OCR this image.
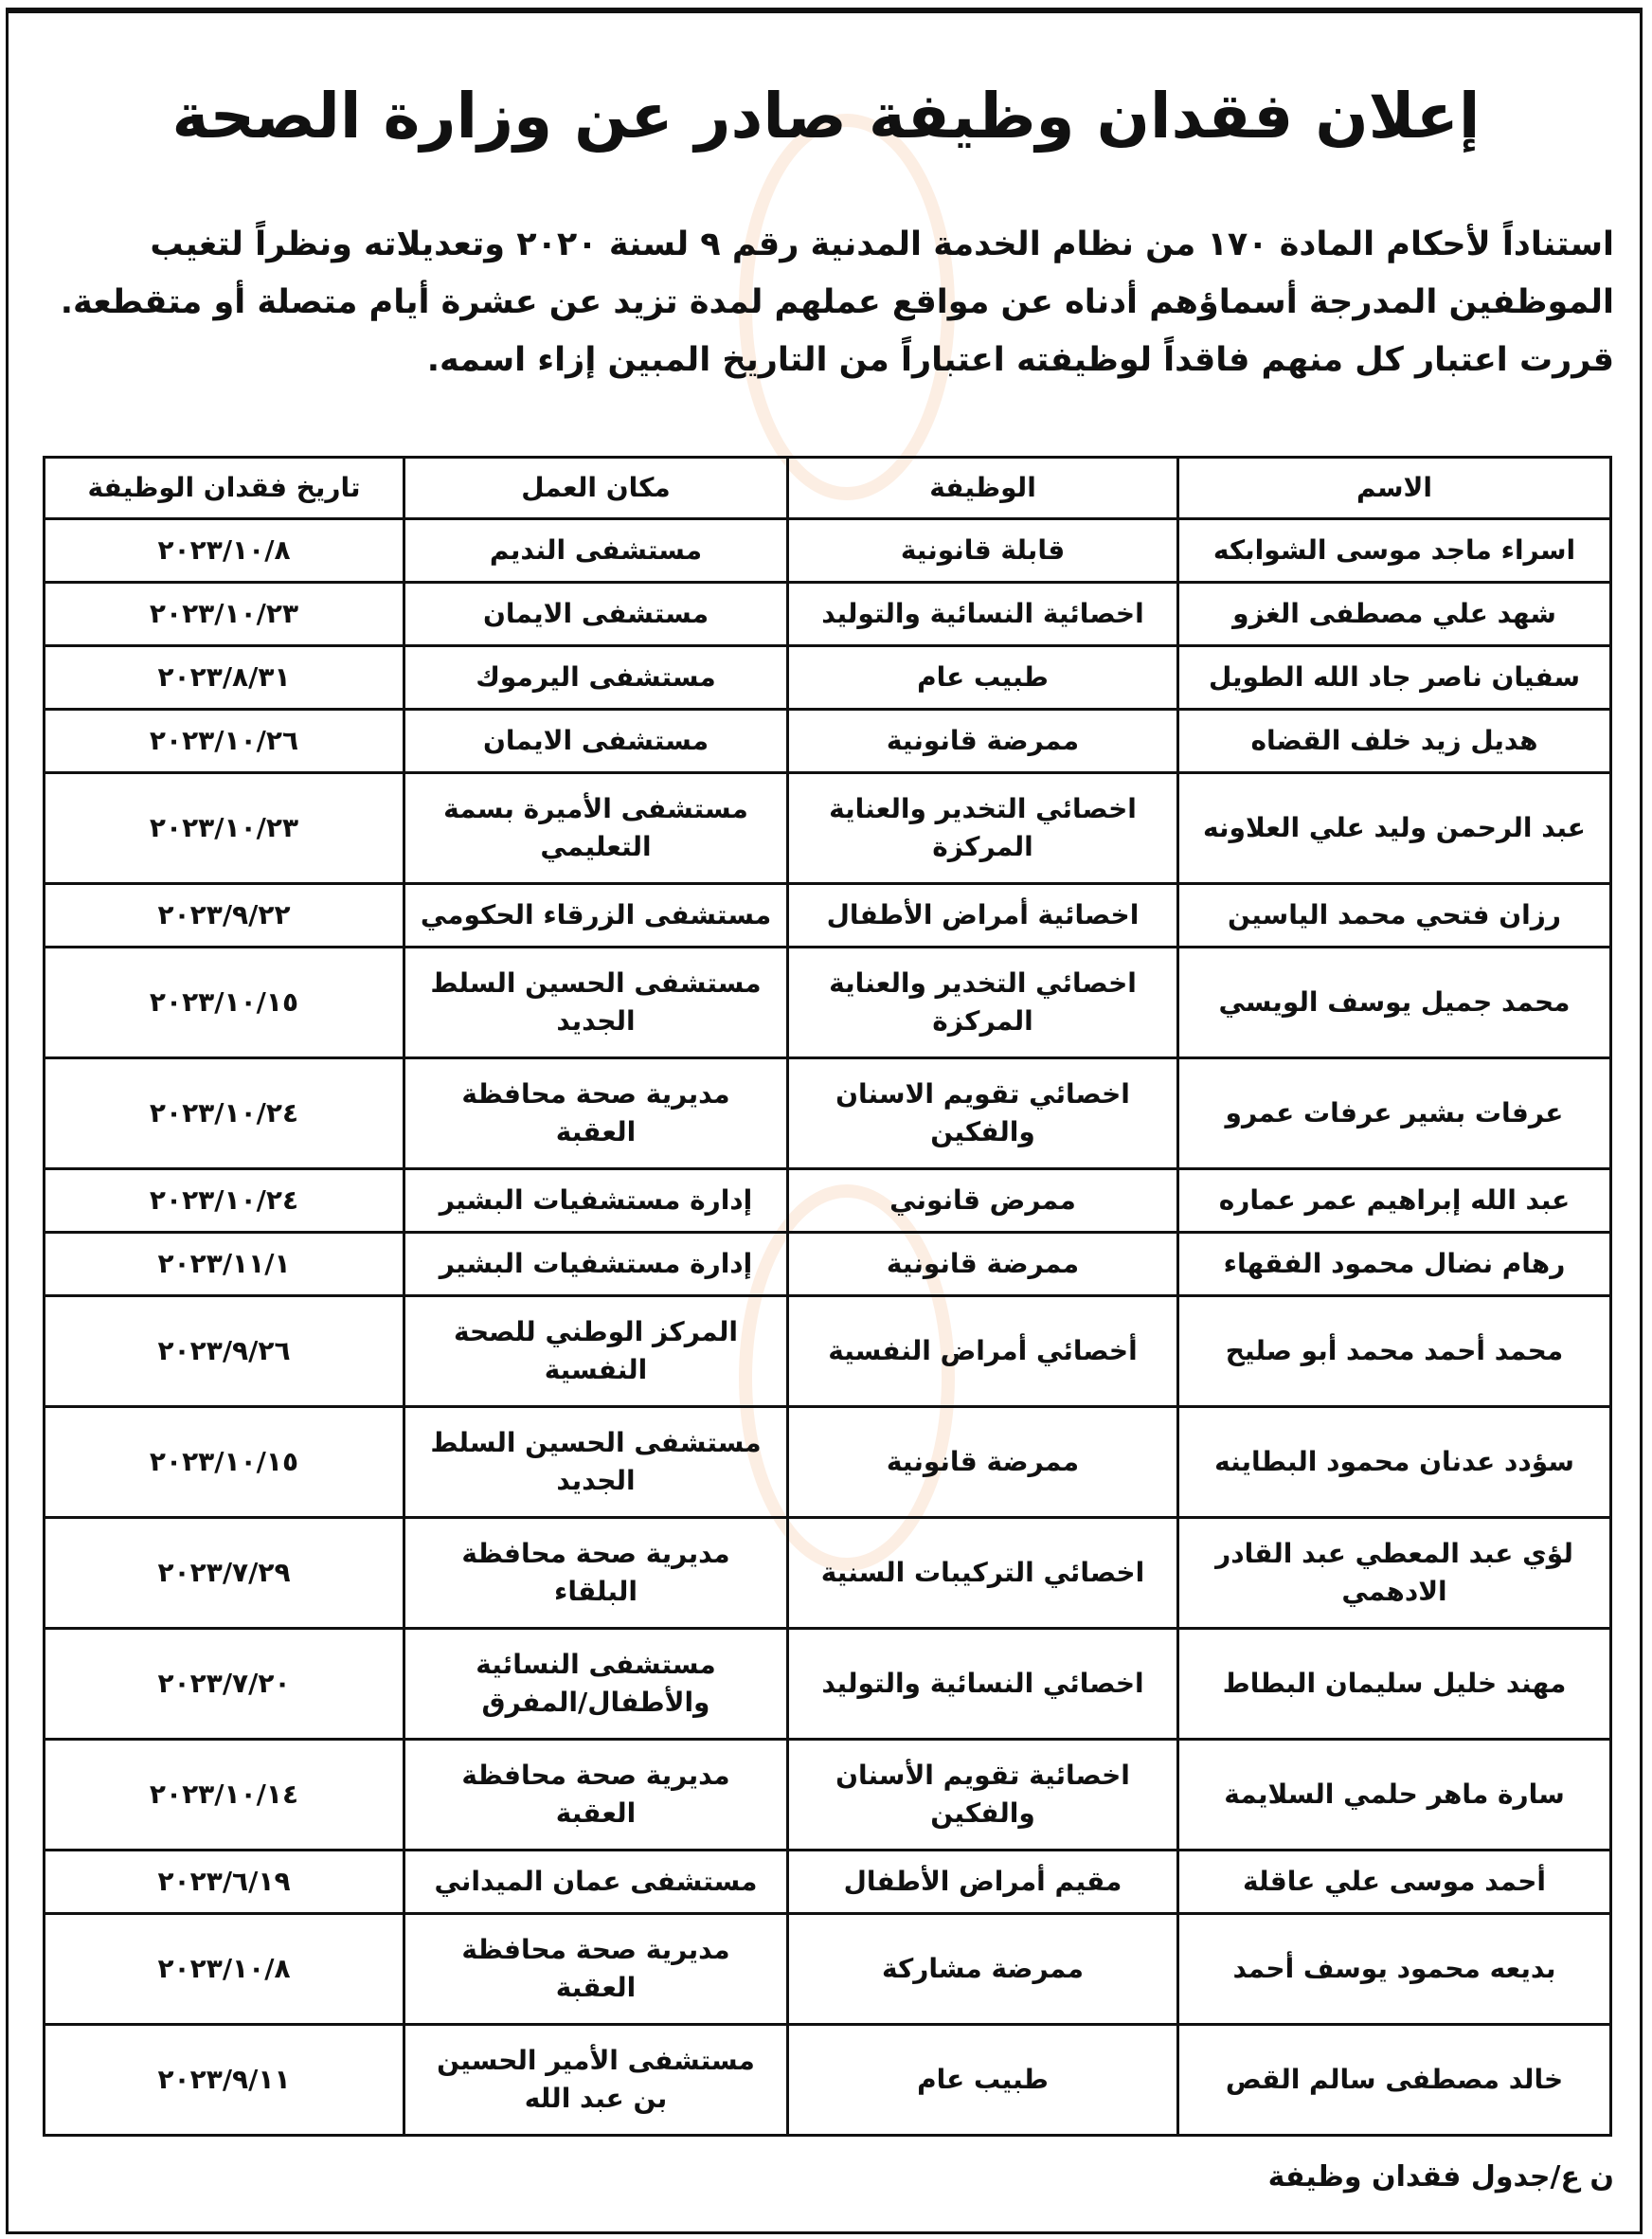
إعلان فقدان وظيفة صادر عن وزارة الصحة

استناداً لأحكام المادة ١٧٠ من نظام الخدمة المدنية رقم ٩ لسنة ٢٠٢٠ وتعديلاته ونظراً لتغيب

الموظفين المدرجة أسماؤهم أدناه عن مواقع عملهم لمدة تزيد عن عشرة أيام متصلة أو متقطعة.

قررت اعتبار كل منهم فاقداً لوظيفته اعتباراً من التاريخ المبين إزاء اسمه.

الاسم	الوظيفة	مكان العمل	تاريخ فقدان الوظيفة
اسراء ماجد موسى الشوابكه	قابلة قانونية	مستشفى النديم	٢٠٢٣/١٠/٨
شهد علي مصطفى الغزو	اخصائية النسائية والتوليد	مستشفى الايمان	٢٠٢٣/١٠/٢٣
سفيان ناصر جاد الله الطويل	طبيب عام	مستشفى اليرموك	٢٠٢٣/٨/٣١
هديل زيد خلف القضاه	ممرضة قانونية	مستشفى الايمان	٢٠٢٣/١٠/٢٦
عبد الرحمن وليد علي العلاونه	اخصائي التخدير والعناية المركزة	مستشفى الأميرة بسمة التعليمي	٢٠٢٣/١٠/٢٣
رزان فتحي محمد الياسين	اخصائية أمراض الأطفال	مستشفى الزرقاء الحكومي	٢٠٢٣/٩/٢٢
محمد جميل يوسف الويسي	اخصائي التخدير والعناية المركزة	مستشفى الحسين السلط الجديد	٢٠٢٣/١٠/١٥
عرفات بشير عرفات عمرو	اخصائي تقويم الاسنان والفكين	مديرية صحة محافظة العقبة	٢٠٢٣/١٠/٢٤
عبد الله إبراهيم عمر عماره	ممرض قانوني	إدارة مستشفيات البشير	٢٠٢٣/١٠/٢٤
رهام نضال محمود الفقهاء	ممرضة قانونية	إدارة مستشفيات البشير	٢٠٢٣/١١/١
محمد أحمد محمد أبو صليح	أخصائي أمراض النفسية	المركز الوطني للصحة النفسية	٢٠٢٣/٩/٢٦
سؤدد عدنان محمود البطاينه	ممرضة قانونية	مستشفى الحسين السلط الجديد	٢٠٢٣/١٠/١٥
لؤي عبد المعطي عبد القادر الادهمي	اخصائي التركيبات السنية	مديرية صحة محافظة البلقاء	٢٠٢٣/٧/٢٩
مهند خليل سليمان البطاط	اخصائي النسائية والتوليد	مستشفى النسائية والأطفال/المفرق	٢٠٢٣/٧/٢٠
سارة ماهر حلمي السلايمة	اخصائية تقويم الأسنان والفكين	مديرية صحة محافظة العقبة	٢٠٢٣/١٠/١٤
أحمد موسى علي عاقلة	مقيم أمراض الأطفال	مستشفى عمان الميداني	٢٠٢٣/٦/١٩
بديعه محمود يوسف أحمد	ممرضة مشاركة	مديرية صحة محافظة العقبة	٢٠٢٣/١٠/٨
خالد مصطفى سالم القص	طبيب عام	مستشفى الأمير الحسين بن عبد الله	٢٠٢٣/٩/١١
ن ع/جدول فقدان وظيفة
